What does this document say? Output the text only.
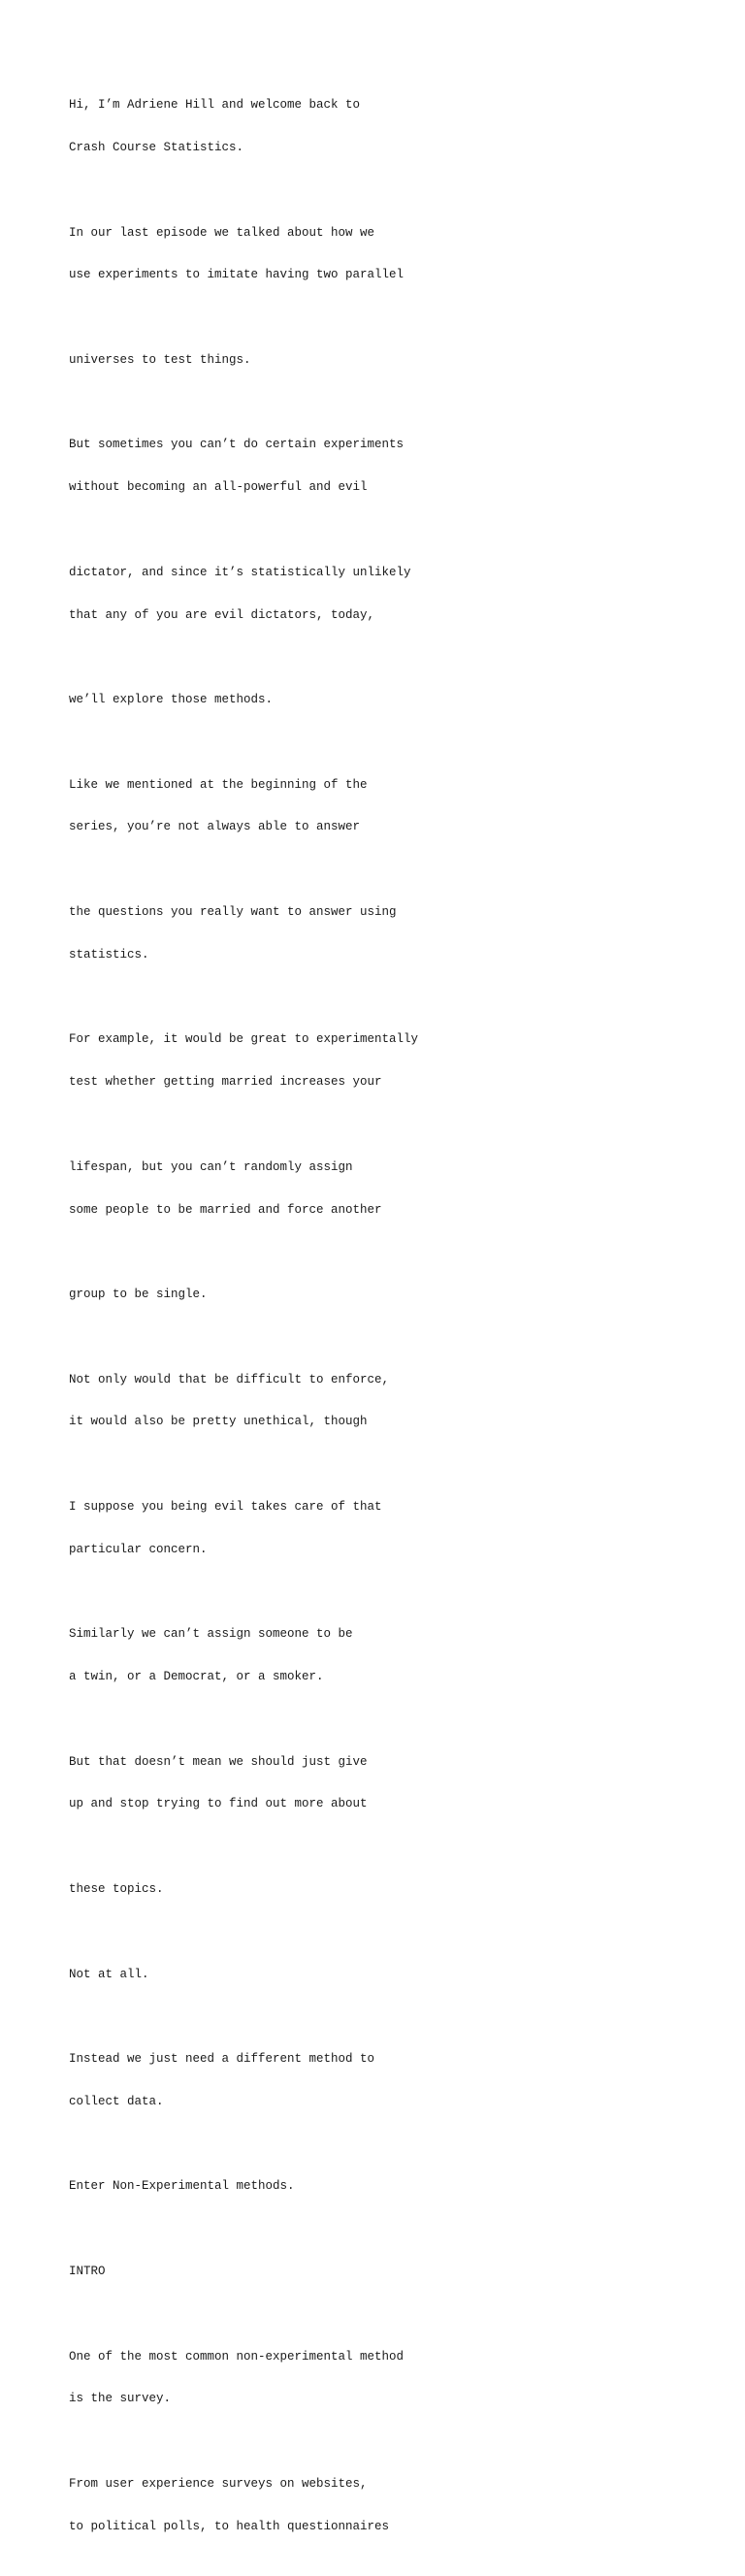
Hi, I’m Adriene Hill and welcome back to

Crash Course Statistics.

In our last episode we talked about how we

use experiments to imitate having two parallel

universes to test things.

But sometimes you can’t do certain experiments

without becoming an all-powerful and evil

dictator, and since it’s statistically unlikely

that any of you are evil dictators, today,

we’ll explore those methods.

Like we mentioned at the beginning of the

series, you’re not always able to answer

the questions you really want to answer using

statistics.

For example, it would be great to experimentally

test whether getting married increases your

lifespan, but you can’t randomly assign

some people to be married and force another

group to be single.

Not only would that be difficult to enforce,

it would also be pretty unethical, though

I suppose you being evil takes care of that

particular concern.

Similarly we can’t assign someone to be

a twin, or a Democrat, or a smoker.

But that doesn’t mean we should just give

up and stop trying to find out more about

these topics.

Not at all.

Instead we just need a different method to

collect data.

Enter Non-Experimental methods.

INTRO

One of the most common non-experimental method

is the survey.

From user experience surveys on websites,

to political polls, to health questionnaires
